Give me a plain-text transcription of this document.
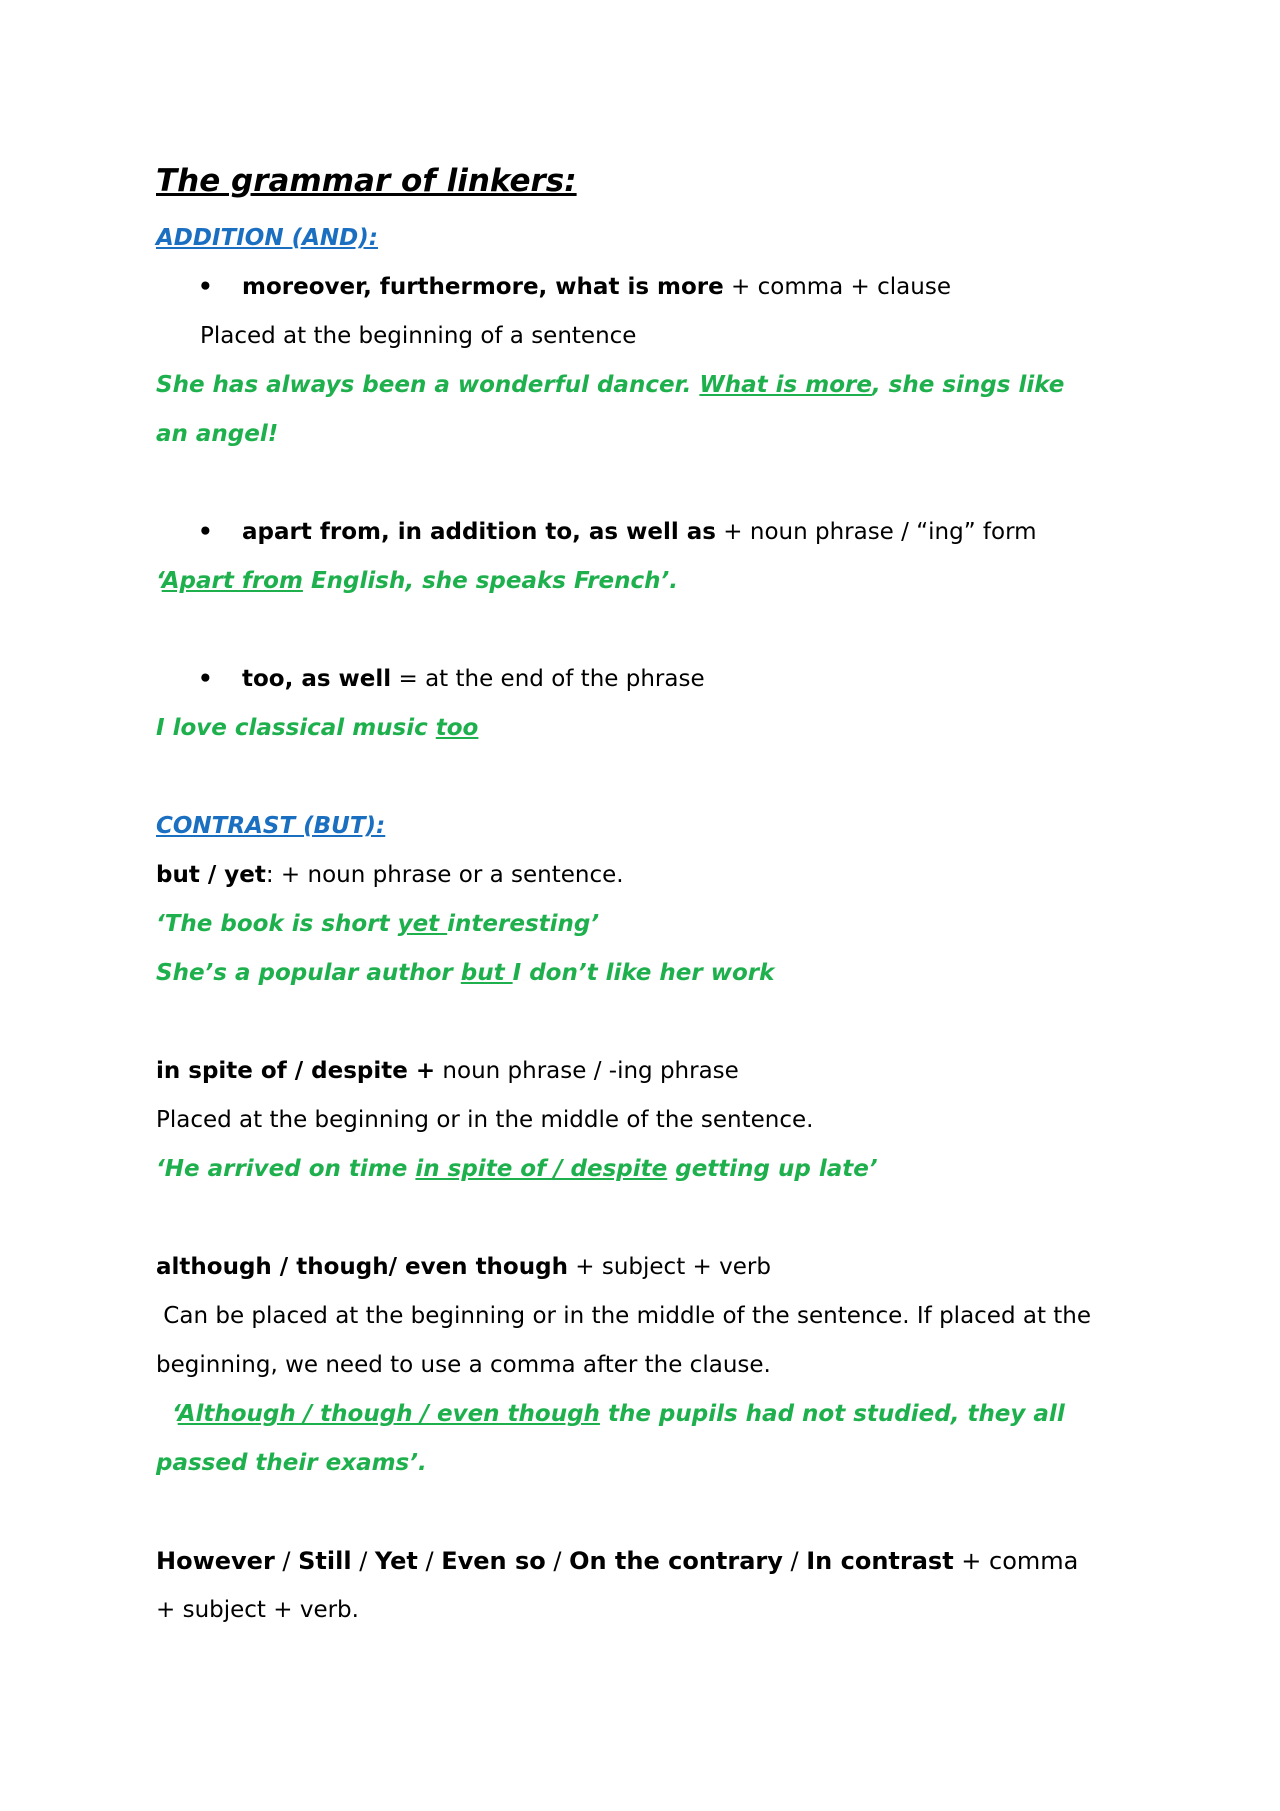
The grammar of linkers:
ADDITION (AND):
• moreover, furthermore, what is more + comma + clause
Placed at the beginning of a sentence
She has always been a wonderful dancer. What is more, she sings like
an angel!
• apart from, in addition to, as well as + noun phrase / “ing” form
‘Apart from English, she speaks French’.
• too, as well = at the end of the phrase
I love classical music too
CONTRAST (BUT):
but / yet: + noun phrase or a sentence.
‘The book is short yet interesting’
She’s a popular author but I don’t like her work
in spite of / despite + noun phrase / -ing phrase
Placed at the beginning or in the middle of the sentence.
‘He arrived on time in spite of / despite getting up late’
although / though/ even though + subject + verb
Can be placed at the beginning or in the middle of the sentence. If placed at the
beginning, we need to use a comma after the clause.
‘Although / though / even though the pupils had not studied, they all
passed their exams’.
However / Still / Yet / Even so / On the contrary / In contrast + comma
+ subject + verb.
